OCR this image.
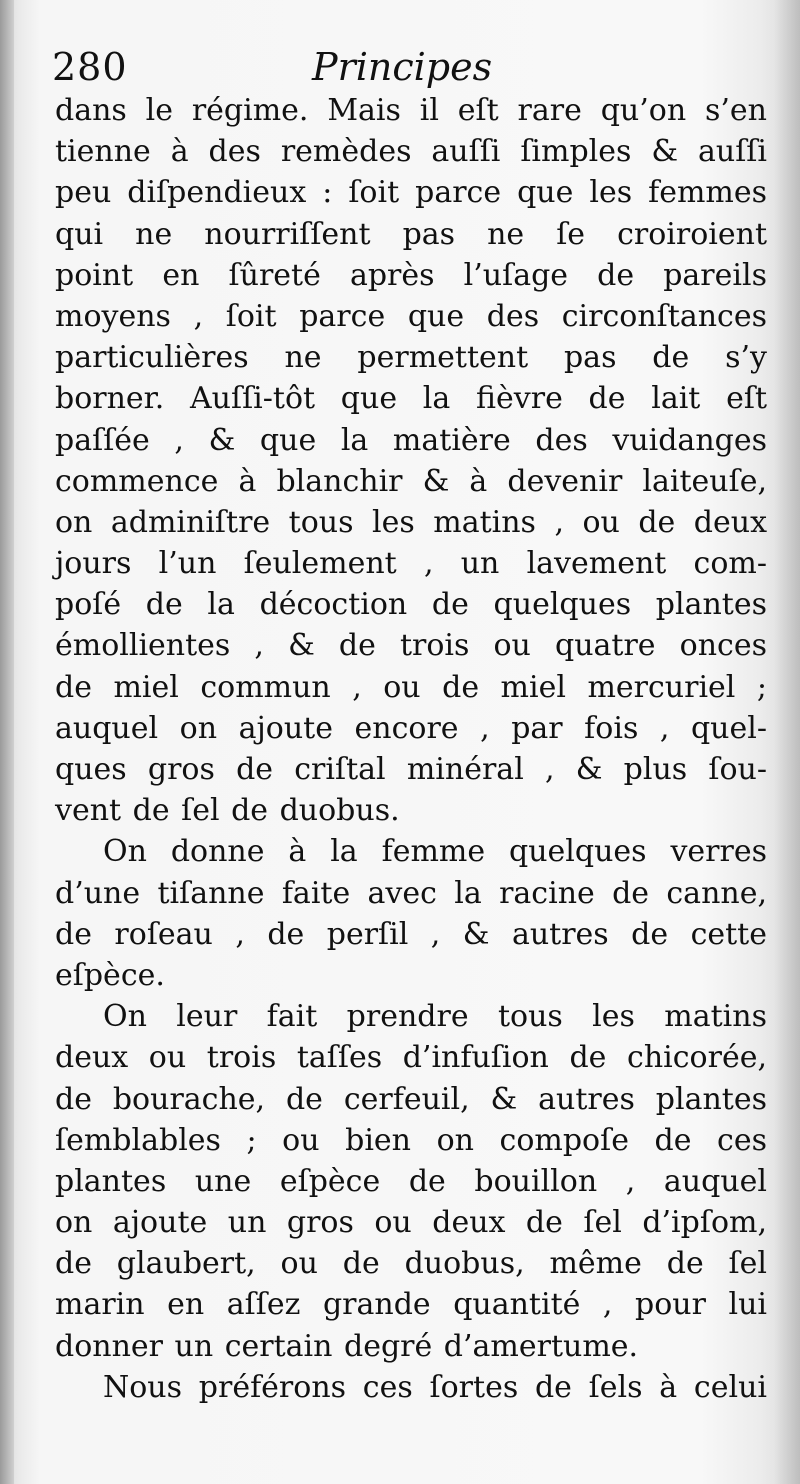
280	Principes
dans le régime. Mais il eſt rare qu’on s’en
tienne à des remèdes auſſi ſimples & auſſi
peu diſpendieux : ſoit parce que les femmes
qui ne nourriſſent pas ne ſe croiroient
point en ſûreté après l’uſage de pareils
moyens , ſoit parce que des circonſtances
particulières ne permettent pas de s’y
borner. Auſſi-tôt que la fièvre de lait eſt
paſſée , & que la matière des vuidanges
commence à blanchir & à devenir laiteuſe,
on adminiſtre tous les matins , ou de deux
jours l’un ſeulement , un lavement com-
poſé de la décoction de quelques plantes
émollientes , & de trois ou quatre onces
de miel commun , ou de miel mercuriel ;
auquel on ajoute encore , par fois , quel-
ques gros de criſtal minéral , & plus ſou-
vent de ſel de duobus.
On donne à la femme quelques verres
d’une tiſanne faite avec la racine de canne,
de roſeau , de perſil , & autres de cette
eſpèce.
On leur fait prendre tous les matins
deux ou trois taſſes d’infuſion de chicorée,
de bourache, de cerfeuil, & autres plantes
ſemblables ; ou bien on compoſe de ces
plantes une eſpèce de bouillon , auquel
on ajoute un gros ou deux de ſel d’ipſom,
de glaubert, ou de duobus, même de ſel
marin en aſſez grande quantité , pour lui
donner un certain degré d’amertume.
Nous préférons ces ſortes de ſels à celui
